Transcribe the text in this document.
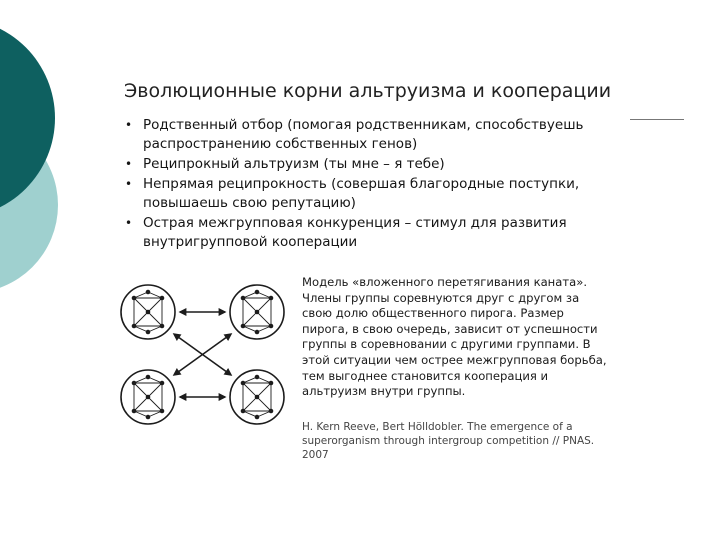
Эволюционные корни альтруизма и кооперации
• Родственный отбор (помогая родственникам, способствуешь распространению собственных генов)
• Реципрокный альтруизм (ты мне – я тебе)
• Непрямая реципрокность (совершая благородные поступки, повышаешь свою репутацию)
• Острая межгрупповая конкуренция – стимул для развития внутригрупповой кооперации
Модель «вложенного перетягивания каната». Члены группы соревнуются друг с другом за свою долю общественного пирога. Размер пирога, в свою очередь, зависит от успешности группы в соревновании с другими группами. В этой ситуации чем острее межгрупповая борьба, тем выгоднее становится кооперация и альтруизм внутри группы.
H. Kern Reeve, Bert Hölldobler. The emergence of a superorganism through intergroup competition // PNAS. 2007
